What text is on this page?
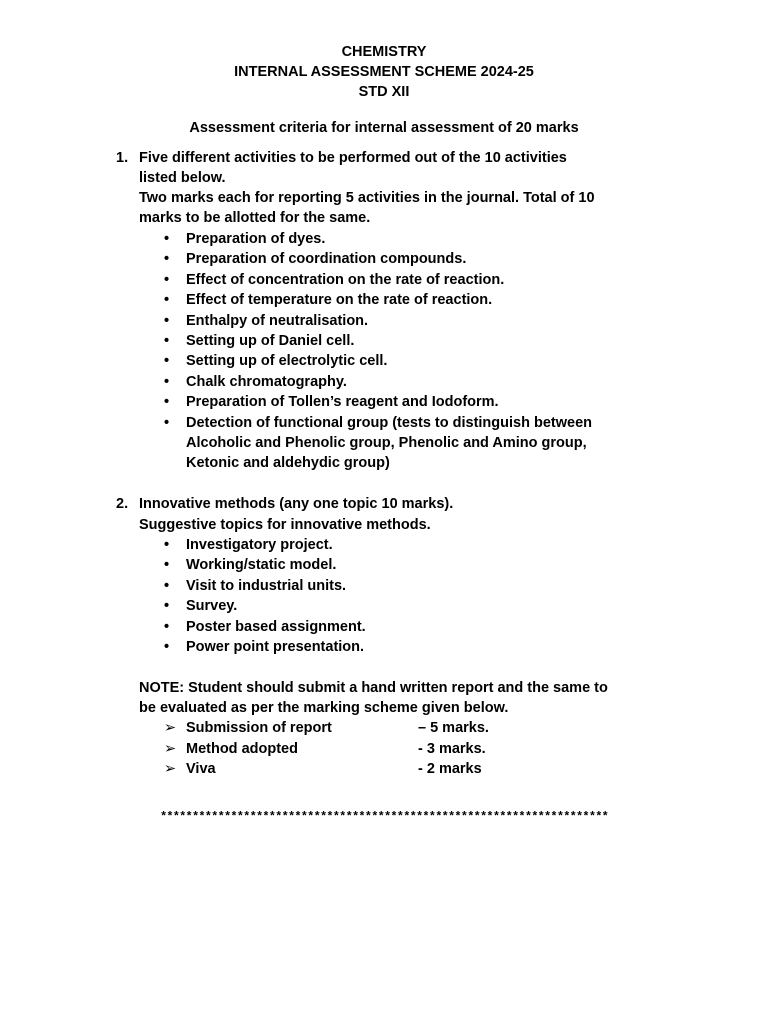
CHEMISTRY
INTERNAL ASSESSMENT SCHEME 2024-25
STD XII
Assessment criteria for internal assessment of 20 marks
1. Five different activities to be performed out of the 10 activities
listed below.
Two marks each for reporting 5 activities in the journal. Total of 10
marks to be allotted for the same.
•	Preparation of dyes.
•	Preparation of coordination compounds.
•	Effect of concentration on the rate of reaction.
•	Effect of temperature on the rate of reaction.
•	Enthalpy of neutralisation.
•	Setting up of Daniel cell.
•	Setting up of electrolytic cell.
•	Chalk chromatography.
•	Preparation of Tollen’s reagent and Iodoform.
•	Detection of functional group (tests to distinguish between
Alcoholic and Phenolic group, Phenolic and Amino group,
Ketonic and aldehydic group)
2. Innovative methods (any one topic 10 marks).
Suggestive topics for innovative methods.
•	Investigatory project.
•	Working/static model.
•	Visit to industrial units.
•	Survey.
•	Poster based assignment.
•	Power point presentation.
NOTE: Student should submit a hand written report and the same to
be evaluated as per the marking scheme given below.
➢ Submission of report	– 5 marks.
➢ Method adopted	- 3 marks.
➢ Viva	- 2 marks
**********************************************************************
